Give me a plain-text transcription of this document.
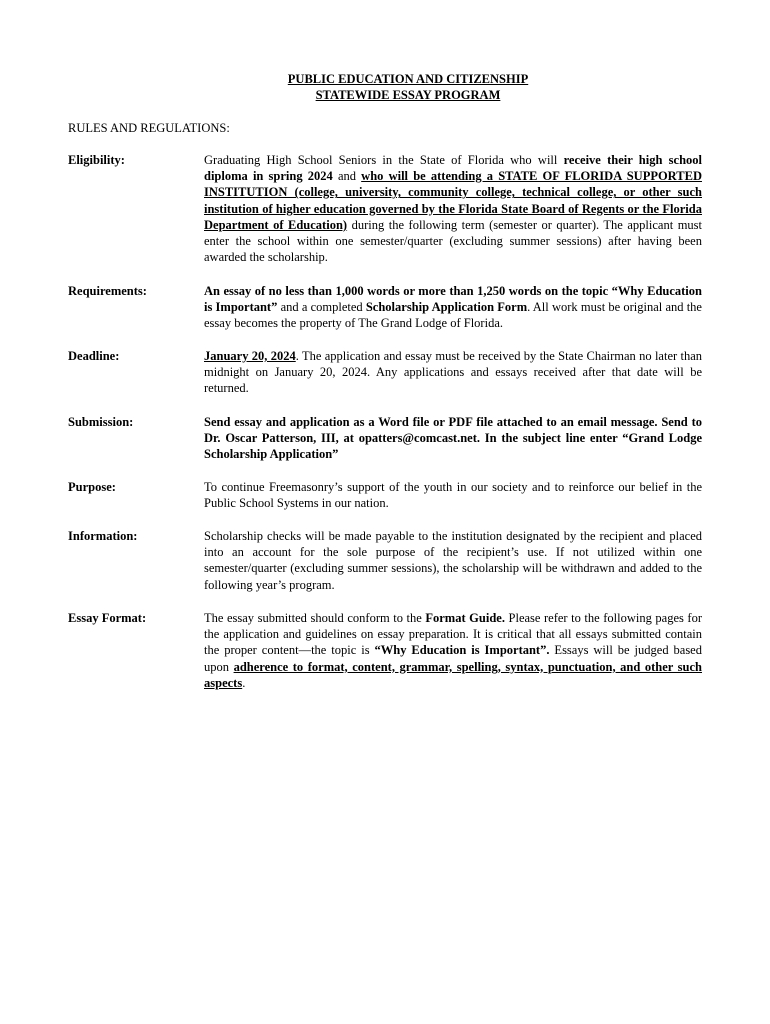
PUBLIC EDUCATION AND CITIZENSHIP
STATEWIDE ESSAY PROGRAM
RULES AND REGULATIONS:
Eligibility:	Graduating High School Seniors in the State of Florida who will receive their high school diploma in spring 2024 and who will be attending a STATE OF FLORIDA SUPPORTED INSTITUTION (college, university, community college, technical college, or other such institution of higher education governed by the Florida State Board of Regents or the Florida Department of Education) during the following term (semester or quarter). The applicant must enter the school within one semester/quarter (excluding summer sessions) after having been awarded the scholarship.
Requirements:	An essay of no less than 1,000 words or more than 1,250 words on the topic “Why Education is Important” and a completed Scholarship Application Form. All work must be original and the essay becomes the property of The Grand Lodge of Florida.
Deadline:	January 20, 2024. The application and essay must be received by the State Chairman no later than midnight on January 20, 2024. Any applications and essays received after that date will be returned.
Submission:	Send essay and application as a Word file or PDF file attached to an email message. Send to Dr. Oscar Patterson, III, at opatters@comcast.net. In the subject line enter “Grand Lodge Scholarship Application”
Purpose:	To continue Freemasonry’s support of the youth in our society and to reinforce our belief in the Public School Systems in our nation.
Information:	Scholarship checks will be made payable to the institution designated by the recipient and placed into an account for the sole purpose of the recipient’s use. If not utilized within one semester/quarter (excluding summer sessions), the scholarship will be withdrawn and added to the following year’s program.
Essay Format:	The essay submitted should conform to the Format Guide. Please refer to the following pages for the application and guidelines on essay preparation. It is critical that all essays submitted contain the proper content—the topic is “Why Education is Important”. Essays will be judged based upon adherence to format, content, grammar, spelling, syntax, punctuation, and other such aspects.
